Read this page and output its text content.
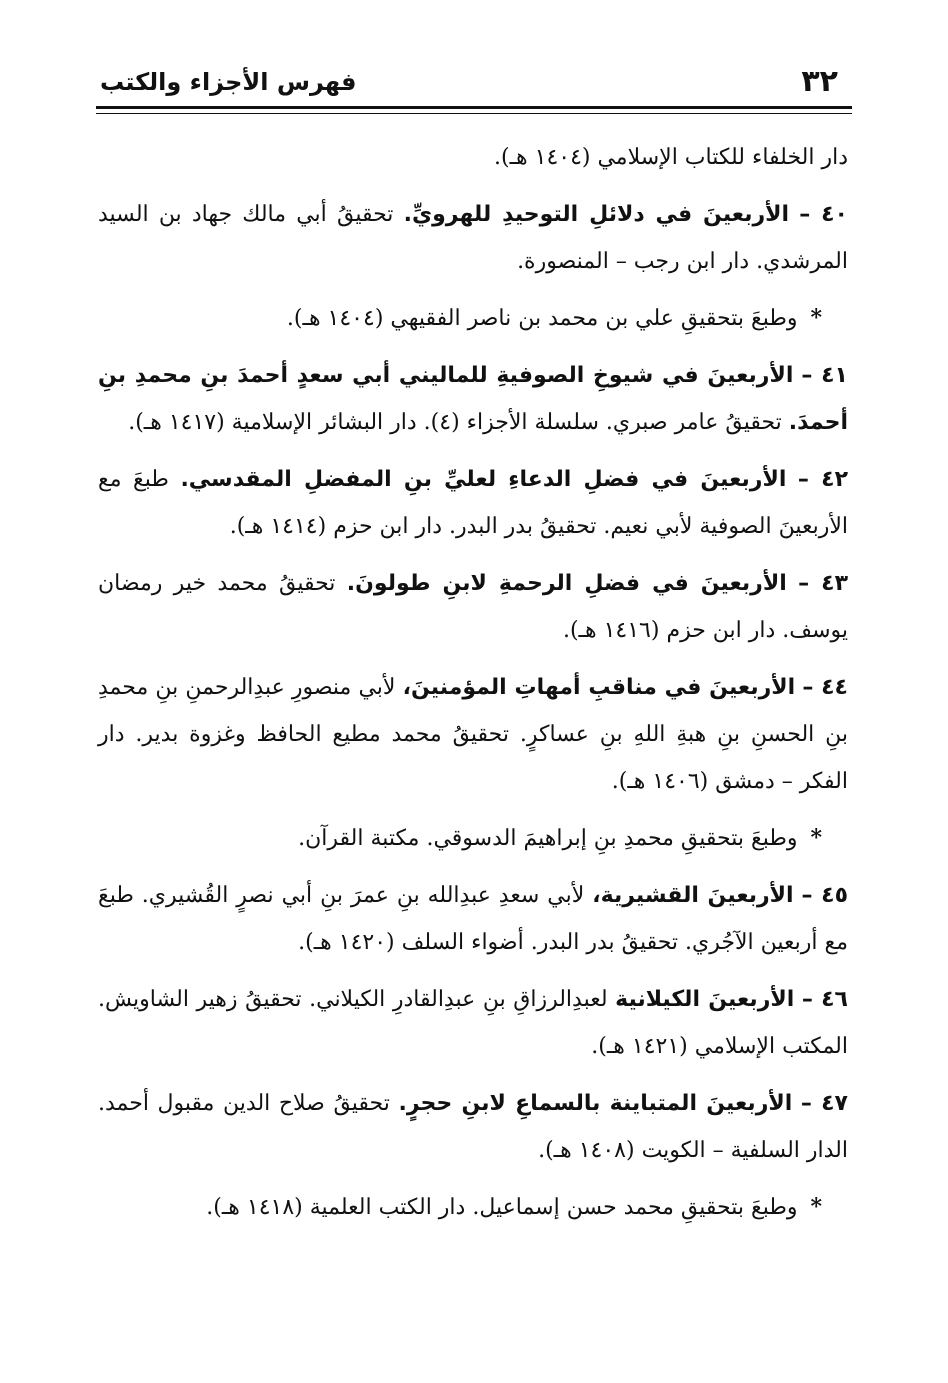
٣٢
فهرس الأجزاء والكتب

دار الخلفاء للكتاب الإسلامي (١٤٠٤ هـ).

٤٠ – الأربعينَ في دلائلِ التوحيدِ للهرويِّ. تحقيقُ أبي مالك جهاد بن السيد المرشدي. دار ابن رجب – المنصورة.

* وطبعَ بتحقيقِ علي بن محمد بن ناصر الفقيهي (١٤٠٤ هـ).

٤١ – الأربعينَ في شيوخِ الصوفيةِ للماليني أبي سعدٍ أحمدَ بنِ محمدِ بنِ أحمدَ. تحقيقُ عامر صبري. سلسلة الأجزاء (٤). دار البشائر الإسلامية (١٤١٧ هـ).

٤٢ – الأربعينَ في فضلِ الدعاءِ لعليِّ بنِ المفضلِ المقدسي. طبعَ مع الأربعينَ الصوفية لأبي نعيم. تحقيقُ بدر البدر. دار ابن حزم (١٤١٤ هـ).

٤٣ – الأربعينَ في فضلِ الرحمةِ لابنِ طولونَ. تحقيقُ محمد خير رمضان يوسف. دار ابن حزم (١٤١٦ هـ).

٤٤ – الأربعينَ في مناقبِ أمهاتِ المؤمنينَ، لأبي منصورِ عبدِالرحمنِ بنِ محمدِ بنِ الحسنِ بنِ هبةِ اللهِ بنِ عساكرٍ. تحقيقُ محمد مطيع الحافظ وغزوة بدير. دار الفكر – دمشق (١٤٠٦ هـ).

* وطبعَ بتحقيقِ محمدِ بنِ إبراهيمَ الدسوقي. مكتبة القرآن.

٤٥ – الأربعينَ القشيرية، لأبي سعدِ عبدِالله بنِ عمرَ بنِ أبي نصرٍ القُشيري. طبعَ مع أربعين الآجُري. تحقيقُ بدر البدر. أضواء السلف (١٤٢٠ هـ).

٤٦ – الأربعينَ الكيلانية لعبدِالرزاقِ بنِ عبدِالقادرِ الكيلاني. تحقيقُ زهير الشاويش. المكتب الإسلامي (١٤٢١ هـ).

٤٧ – الأربعينَ المتباينة بالسماعِ لابنِ حجرٍ. تحقيقُ صلاح الدين مقبول أحمد. الدار السلفية – الكويت (١٤٠٨ هـ).

* وطبعَ بتحقيقِ محمد حسن إسماعيل. دار الكتب العلمية (١٤١٨ هـ).
